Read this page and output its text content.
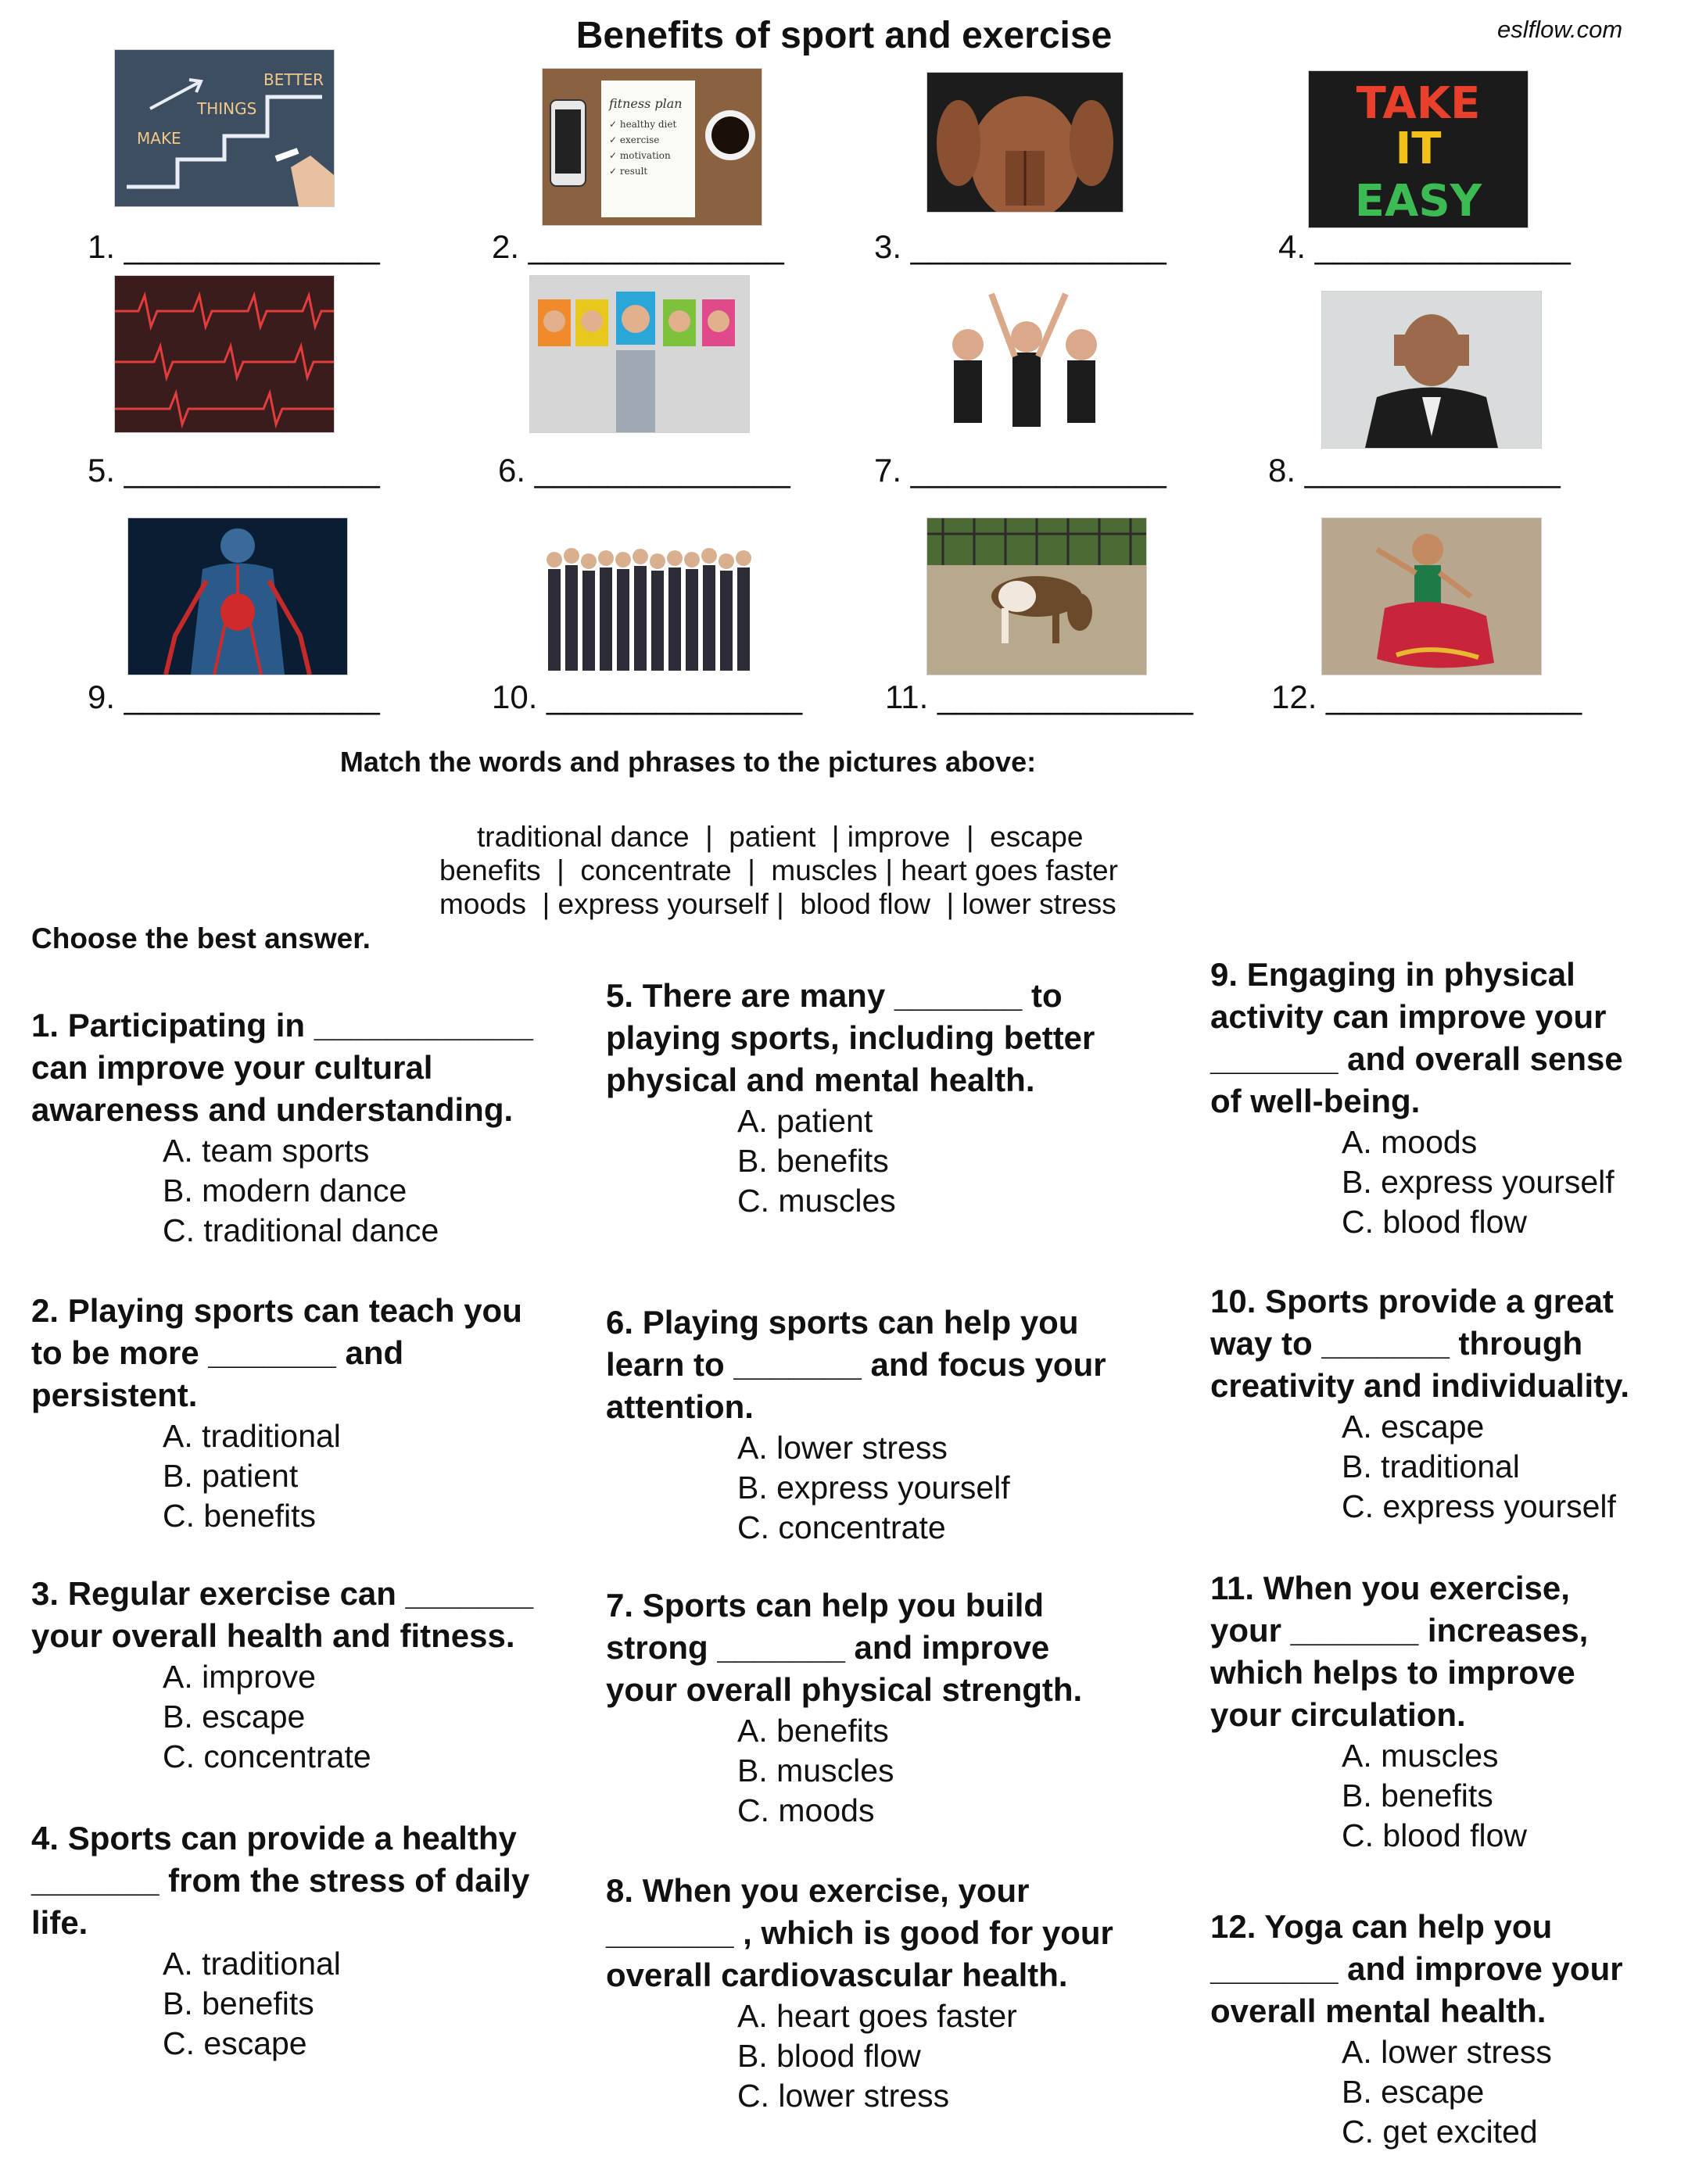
Benefits of sport and exercise	eslflow.com
MAKE
THINGS
BETTER
fitness plan
✓ healthy diet
✓ exercise
✓ motivation
✓ result
TAKE
IT
EASY
1. ______________	2. ______________	3. ______________	4. ______________
5. ______________	6. ______________	7. ______________	8. ______________
9. ______________	10. ______________	11. ______________ 12. ______________
Match the words and phrases to the pictures above:
traditional dance  |  patient  | improve  |  escape
benefits  |  concentrate  |  muscles | heart goes faster
moods  | express yourself |  blood flow  | lower stress
Choose the best answer.
1. Participating in ____________ can improve your cultural awareness and understanding.
A. team sports
B. modern dance
C. traditional dance
2. Playing sports can teach you to be more _______ and persistent.
A. traditional
B. patient
C. benefits
3. Regular exercise can _______ your overall health and fitness.
A. improve
B. escape
C. concentrate
4. Sports can provide a healthy _______ from the stress of daily life.
A. traditional
B. benefits
C. escape
5. There are many _______ to playing sports, including better physical and mental health.
A. patient
B. benefits
C. muscles
6. Playing sports can help you learn to _______ and focus your attention.
A. lower stress
B. express yourself
C. concentrate
7. Sports can help you build strong _______ and improve your overall physical strength.
A. benefits
B. muscles
C. moods
8. When you exercise, your _______ , which is good for your overall cardiovascular health.
A. heart goes faster
B. blood flow
C. lower stress
9. Engaging in physical activity can improve your _______ and overall sense of well-being.
A. moods
B. express yourself
C. blood flow
10. Sports provide a great way to _______ through creativity and individuality.
A. escape
B. traditional
C. express yourself
11. When you exercise, your _______ increases, which helps to improve your circulation.
A. muscles
B. benefits
C. blood flow
12. Yoga can help you _______ and improve your overall mental health.
A. lower stress
B. escape
C. get excited
